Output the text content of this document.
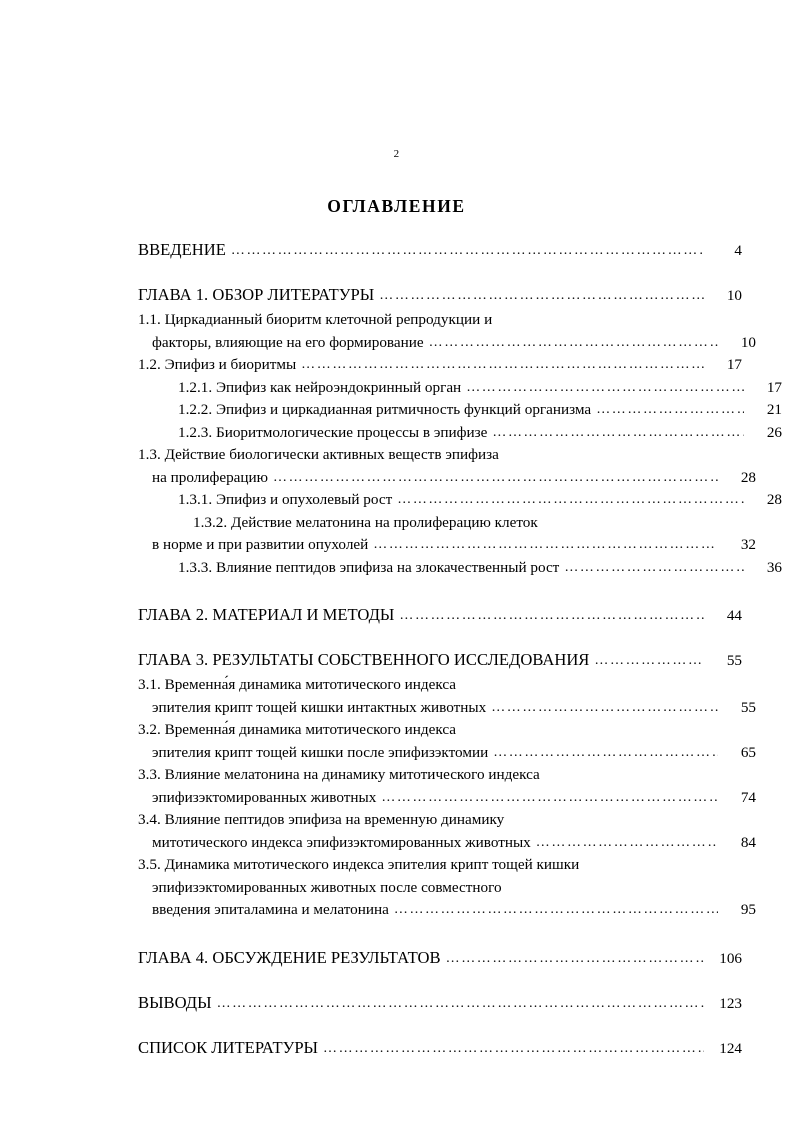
2
ОГЛАВЛЕНИЕ
ВВЕДЕНИЕ …………………………………………………………………………………………………………………………………………………………………………	4
ГЛАВА 1. ОБЗОР ЛИТЕРАТУРЫ …………………………………………………………………………………………………………………………………………………………………………	10
1.1. Циркадианный биоритм клеточной репродукции и
факторы, влияющие на его формирование …………………………………………………………………………………………………………………………………………………………………………	10
1.2. Эпифиз и биоритмы …………………………………………………………………………………………………………………………………………………………………………	17
1.2.1. Эпифиз как нейроэндокринный орган …………………………………………………………………………………………………………………………………………………………………………	17
1.2.2. Эпифиз и циркадианная ритмичность функций организма …………………………………………………………………………………………………………………………………………………………………………	21
1.2.3. Биоритмологические процессы в эпифизе …………………………………………………………………………………………………………………………………………………………………………	26
1.3. Действие биологически активных веществ эпифиза
на пролиферацию …………………………………………………………………………………………………………………………………………………………………………	28
1.3.1. Эпифиз и опухолевый рост …………………………………………………………………………………………………………………………………………………………………………	28
1.3.2. Действие мелатонина на пролиферацию клеток
в норме и при развитии опухолей …………………………………………………………………………………………………………………………………………………………………………	32
1.3.3. Влияние пептидов эпифиза на злокачественный рост …………………………………………………………………………………………………………………………………………………………………………	36
ГЛАВА 2. МАТЕРИАЛ И МЕТОДЫ …………………………………………………………………………………………………………………………………………………………………………	44
ГЛАВА 3. РЕЗУЛЬТАТЫ СОБСТВЕННОГО ИССЛЕДОВАНИЯ …………………………………………………………………………………………………………………………………………………………………………	55
3.1. Временна́я динамика митотического индекса
эпителия крипт тощей кишки интактных животных …………………………………………………………………………………………………………………………………………………………………………	55
3.2. Временна́я динамика митотического индекса
эпителия крипт тощей кишки после эпифизэктомии …………………………………………………………………………………………………………………………………………………………………………	65
3.3. Влияние мелатонина на динамику митотического индекса
эпифизэктомированных животных …………………………………………………………………………………………………………………………………………………………………………	74
3.4. Влияние пептидов эпифиза на временную динамику
митотического индекса эпифизэктомированных животных …………………………………………………………………………………………………………………………………………………………………………	84
3.5. Динамика митотического индекса эпителия крипт тощей кишки
эпифизэктомированных животных после совместного
введения эпиталамина и мелатонина …………………………………………………………………………………………………………………………………………………………………………	95
ГЛАВА 4. ОБСУЖДЕНИЕ РЕЗУЛЬТАТОВ …………………………………………………………………………………………………………………………………………………………………………	106
ВЫВОДЫ …………………………………………………………………………………………………………………………………………………………………………	123
СПИСОК ЛИТЕРАТУРЫ …………………………………………………………………………………………………………………………………………………………………………	124
